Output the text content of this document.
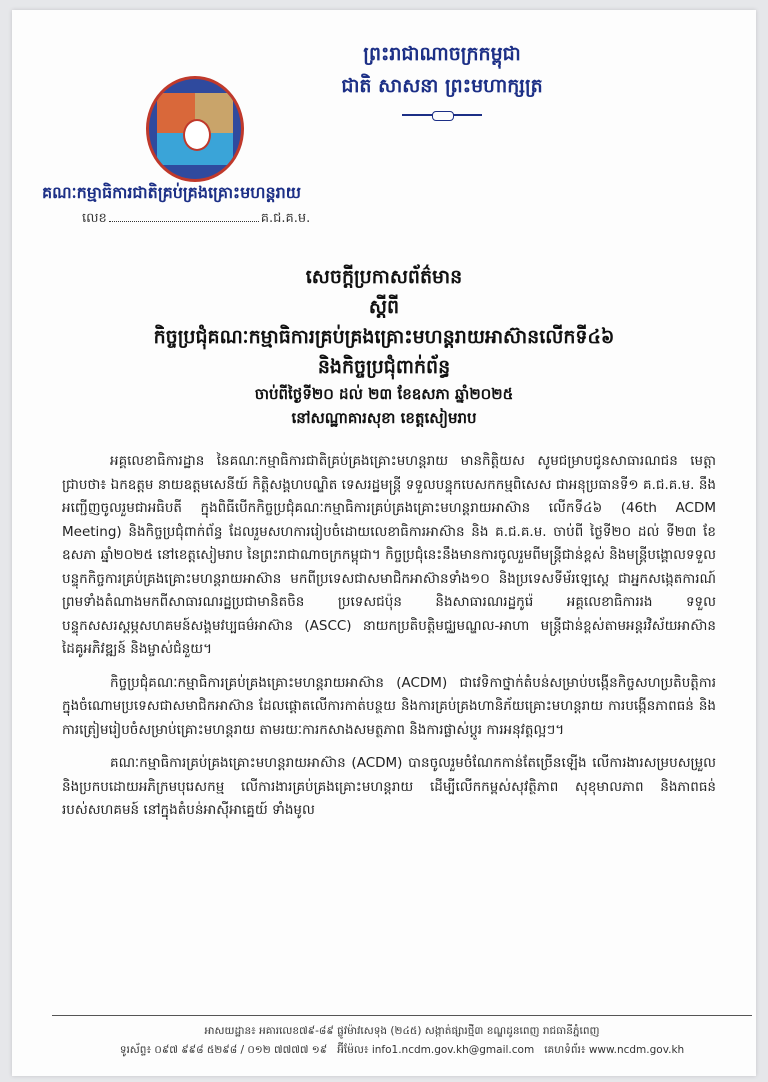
ព្រះរាជាណាចក្រកម្ពុជា
ជាតិ សាសនា ព្រះមហាក្សត្រ
គណៈកម្មាធិការជាតិគ្រប់គ្រងគ្រោះមហន្តរាយ
លេខ	គ.ជ.គ.ម.
សេចក្តីប្រកាសព័ត៌មាន
ស្តីពី
កិច្ចប្រជុំគណៈកម្មាធិការគ្រប់គ្រងគ្រោះមហន្តរាយអាស៊ានលើកទី៤៦
និងកិច្ចប្រជុំពាក់ព័ន្ធ
ចាប់ពីថ្ងៃទី២០ ដល់ ២៣ ខែឧសភា ឆ្នាំ២០២៥
នៅសណ្ឋាគារសុខា ខេត្តសៀមរាប

អគ្គលេខាធិការដ្ឋាន នៃគណៈកម្មាធិការជាតិគ្រប់គ្រងគ្រោះមហន្តរាយ មានកិត្តិយស សូមជម្រាបជូនសាធារណជន មេត្តាជ្រាបថា៖ ឯកឧត្តម នាយឧត្តមសេនីយ៍ កិត្តិសង្គហបណ្ឌិត ទេសរដ្ឋមន្ត្រី ទទួលបន្ទុកបេសកកម្មពិសេស ជាអនុប្រធានទី១ គ.ជ.គ.ម. នឹងអញ្ជើញចូលរួមជាអធិបតី ក្នុងពិធីបើកកិច្ចប្រជុំគណៈកម្មាធិការគ្រប់គ្រងគ្រោះមហន្តរាយអាស៊ាន លើកទី៤៦ (46th ACDM Meeting) និងកិច្ចប្រជុំពាក់ព័ន្ធ ដែលរួមសហការរៀបចំដោយលេខាធិការអាស៊ាន និង គ.ជ.គ.ម. ចាប់ពី ថ្ងៃទី២០ ដល់ ទី២៣ ខែឧសភា ឆ្នាំ២០២៥ នៅខេត្តសៀមរាប នៃព្រះរាជាណាចក្រកម្ពុជា។ កិច្ចប្រជុំនេះនឹងមានការចូលរួមពីមន្ត្រីជាន់ខ្ពស់ និងមន្ត្រីបង្គោលទទួលបន្ទុកកិច្ចការគ្រប់គ្រងគ្រោះមហន្តរាយអាស៊ាន មកពីប្រទេសជាសមាជិកអាស៊ានទាំង១០ និងប្រទេសទីម័រឡេស្តេ ជាអ្នកសង្កេតការណ៍ ព្រមទាំងតំណាងមកពីសាធារណរដ្ឋប្រជាមានិតចិន ប្រទេសជប៉ុន និងសាធារណរដ្ឋកូរ៉េ អគ្គលេខាធិការរង ទទួលបន្ទុកសសរស្តម្ភសហគមន៍សង្គមវប្បធម៌អាស៊ាន (ASCC) នាយកប្រតិបត្តិមជ្ឈមណ្ឌល-អាហា មន្ត្រីជាន់ខ្ពស់តាមអន្តរវិស័យអាស៊ាន ដៃគូអភិវឌ្ឍន៍ និងម្ចាស់ជំនួយ។

កិច្ចប្រជុំគណៈកម្មាធិការគ្រប់គ្រងគ្រោះមហន្តរាយអាស៊ាន (ACDM) ជាវេទិកាថ្នាក់តំបន់សម្រាប់បង្កើនកិច្ចសហប្រតិបត្តិការ ក្នុងចំណោមប្រទេសជាសមាជិកអាស៊ាន ដែលផ្តោតលើការកាត់បន្ថយ និងការគ្រប់គ្រងហានិភ័យគ្រោះមហន្តរាយ ការបង្កើនភាពធន់ និងការត្រៀមរៀបចំសម្រាប់គ្រោះមហន្តរាយ តាមរយៈការកសាងសមត្ថភាព និងការផ្លាស់ប្តូរ ការអនុវត្តល្អៗ។

គណៈកម្មាធិការគ្រប់គ្រងគ្រោះមហន្តរាយអាស៊ាន (ACDM) បានចូលរួមចំណែកកាន់តែច្រើនឡើង លើការងារសម្របសម្រួល និងប្រកបដោយអភិក្រមបុរេសកម្ម លើការងារគ្រប់គ្រងគ្រោះមហន្តរាយ ដើម្បីលើកកម្ពស់សុវត្ថិភាព សុខុមាលភាព និងភាពធន់របស់សហគមន៍ នៅក្នុងតំបន់អាស៊ីអាគ្នេយ៍ ទាំងមូល

អាសយដ្ឋាន៖ អគារលេខ៧៩-៨៩ ផ្លូវម៉ាវសេទុង (២៤៥) សង្កាត់ផ្សារថ្មី៣ ខណ្ឌដូនពេញ រាជធានីភ្នំពេញ
ទូរស័ព្ទ៖ ០៩៧ ៩៩៨ ៥២៩៨ / ០១២ ៧៧៧៧ ១៩ អ៊ីម៉ែល៖ info1.ncdm.gov.kh@gmail.com គេហទំព័រ៖ www.ncdm.gov.kh
